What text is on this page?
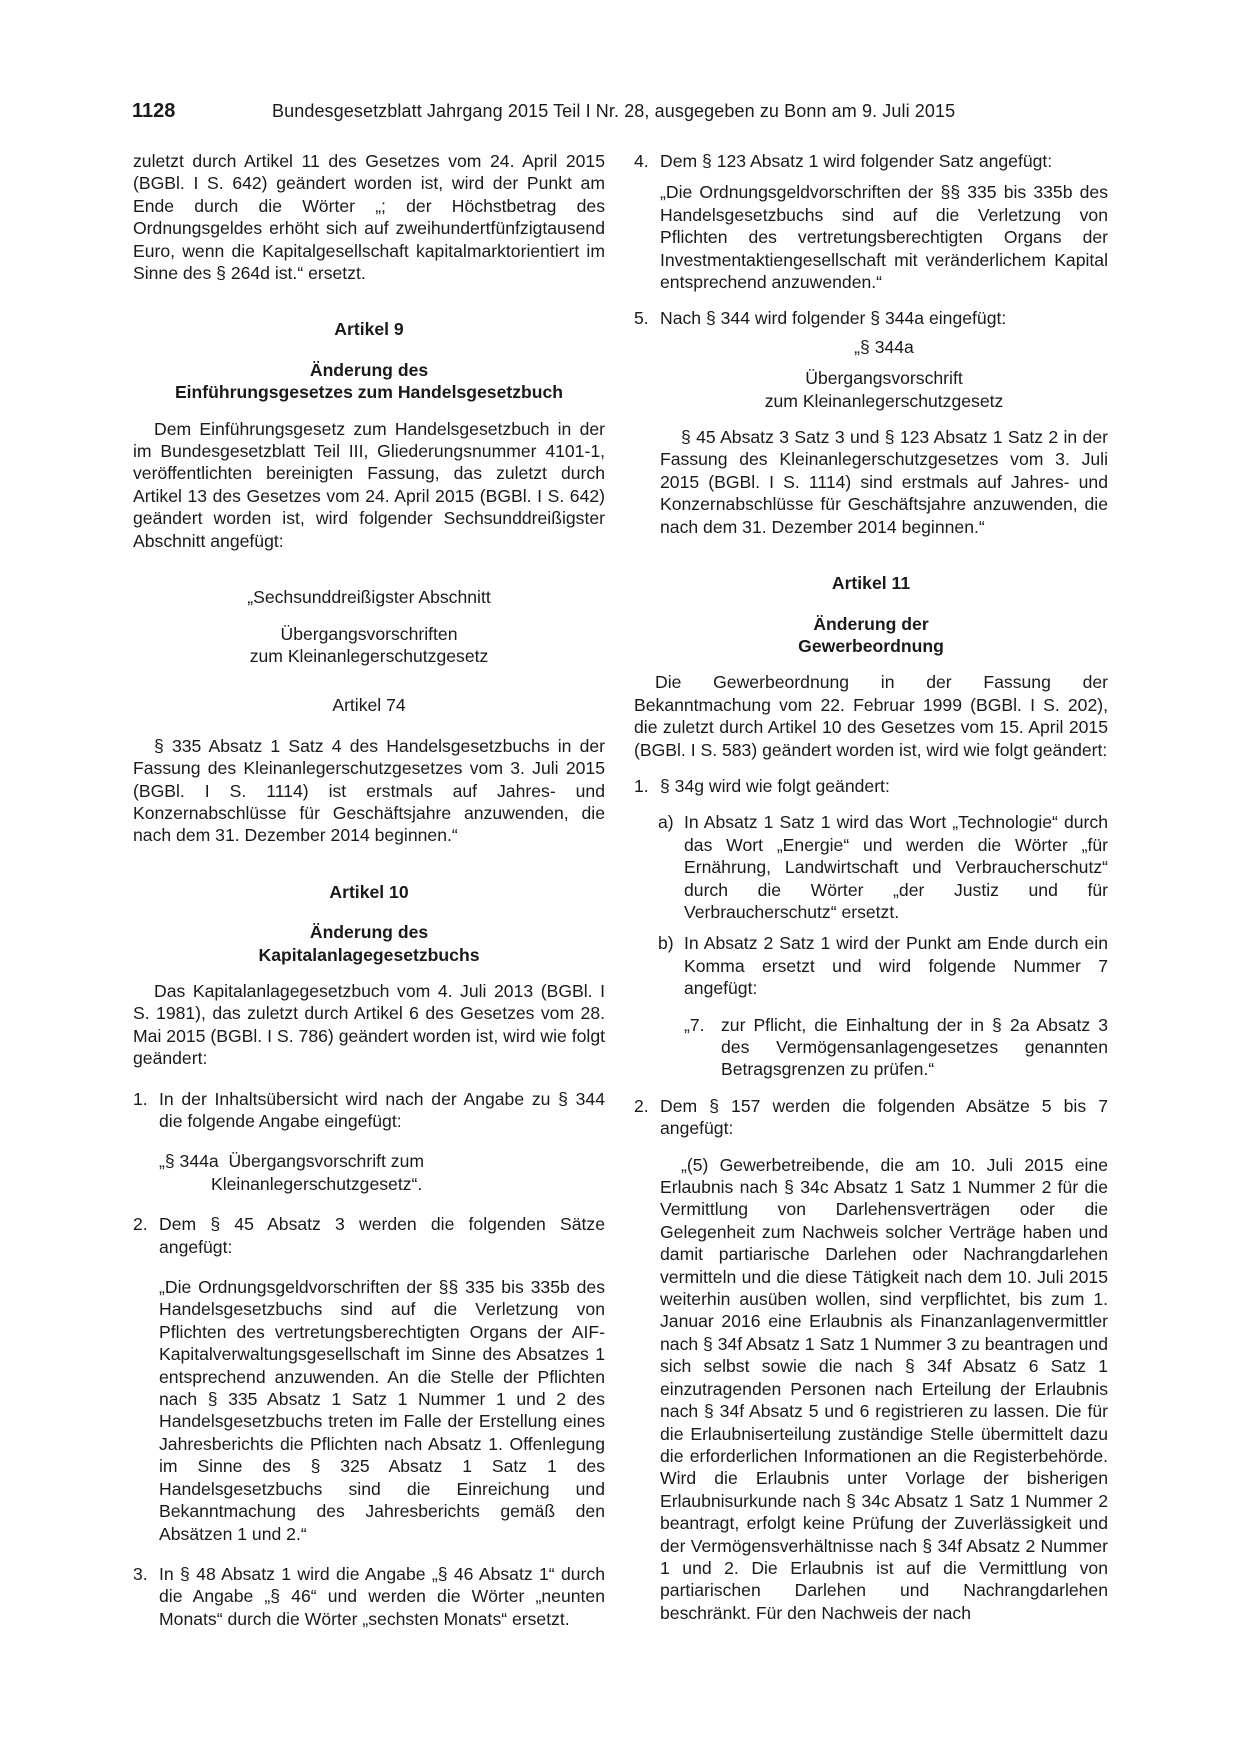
1128	Bundesgesetzblatt Jahrgang 2015 Teil I Nr. 28, ausgegeben zu Bonn am 9. Juli 2015

zuletzt durch Artikel 11 des Gesetzes vom 24. April 2015 (BGBl. I S. 642) geändert worden ist, wird der Punkt am Ende durch die Wörter „; der Höchstbetrag des Ordnungsgeldes erhöht sich auf zweihundertfünfzigtausend Euro, wenn die Kapitalgesellschaft kapitalmarktorientiert im Sinne des § 264d ist.“ ersetzt.

Artikel 9

Änderung des

Einführungsgesetzes zum Handelsgesetzbuch

Dem Einführungsgesetz zum Handelsgesetzbuch in der im Bundesgesetzblatt Teil III, Gliederungsnummer 4101-1, veröffentlichten bereinigten Fassung, das zuletzt durch Artikel 13 des Gesetzes vom 24. April 2015 (BGBl. I S. 642) geändert worden ist, wird folgender Sechsunddreißigster Abschnitt angefügt:

„Sechsunddreißigster Abschnitt

Übergangsvorschriften

zum Kleinanlegerschutzgesetz

Artikel 74

§ 335 Absatz 1 Satz 4 des Handelsgesetzbuchs in der Fassung des Kleinanlegerschutzgesetzes vom 3. Juli 2015 (BGBl. I S. 1114) ist erstmals auf Jahres- und Konzernabschlüsse für Geschäftsjahre anzuwenden, die nach dem 31. Dezember 2014 beginnen.“

Artikel 10

Änderung des

Kapitalanlagegesetzbuchs

Das Kapitalanlagegesetzbuch vom 4. Juli 2013 (BGBl. I S. 1981), das zuletzt durch Artikel 6 des Gesetzes vom 28. Mai 2015 (BGBl. I S. 786) geändert worden ist, wird wie folgt geändert:

1. In der Inhaltsübersicht wird nach der Angabe zu § 344 die folgende Angabe eingefügt:
„§ 344a Übergangsvorschrift zum Kleinanlegerschutzgesetz“.
2. Dem § 45 Absatz 3 werden die folgenden Sätze angefügt:

„Die Ordnungsgeldvorschriften der §§ 335 bis 335b des Handelsgesetzbuchs sind auf die Verletzung von Pflichten des vertretungsberechtigten Organs der AIF-Kapitalverwaltungsgesellschaft im Sinne des Absatzes 1 entsprechend anzuwenden. An die Stelle der Pflichten nach § 335 Absatz 1 Satz 1 Nummer 1 und 2 des Handelsgesetzbuchs treten im Falle der Erstellung eines Jahresberichts die Pflichten nach Absatz 1. Offenlegung im Sinne des § 325 Absatz 1 Satz 1 des Handelsgesetzbuchs sind die Einreichung und Bekanntmachung des Jahresberichts gemäß den Absätzen 1 und 2.“

3. In § 48 Absatz 1 wird die Angabe „§ 46 Absatz 1“ durch die Angabe „§ 46“ und werden die Wörter „neunten Monats“ durch die Wörter „sechsten Monats“ ersetzt.
4. Dem § 123 Absatz 1 wird folgender Satz angefügt:

„Die Ordnungsgeldvorschriften der §§ 335 bis 335b des Handelsgesetzbuchs sind auf die Verletzung von Pflichten des vertretungsberechtigten Organs der Investmentaktiengesellschaft mit veränderlichem Kapital entsprechend anzuwenden.“

5. Nach § 344 wird folgender § 344a eingefügt:

„§ 344a

Übergangsvorschrift

zum Kleinanlegerschutzgesetz

§ 45 Absatz 3 Satz 3 und § 123 Absatz 1 Satz 2 in der Fassung des Kleinanlegerschutzgesetzes vom 3. Juli 2015 (BGBl. I S. 1114) sind erstmals auf Jahres- und Konzernabschlüsse für Geschäftsjahre anzuwenden, die nach dem 31. Dezember 2014 beginnen.“

Artikel 11

Änderung der

Gewerbeordnung

Die Gewerbeordnung in der Fassung der Bekanntmachung vom 22. Februar 1999 (BGBl. I S. 202), die zuletzt durch Artikel 10 des Gesetzes vom 15. April 2015 (BGBl. I S. 583) geändert worden ist, wird wie folgt geändert:

1. § 34g wird wie folgt geändert:
a) In Absatz 1 Satz 1 wird das Wort „Technologie“ durch das Wort „Energie“ und werden die Wörter „für Ernährung, Landwirtschaft und Verbraucherschutz“ durch die Wörter „der Justiz und für Verbraucherschutz“ ersetzt.
b) In Absatz 2 Satz 1 wird der Punkt am Ende durch ein Komma ersetzt und wird folgende Nummer 7 angefügt:
„7. zur Pflicht, die Einhaltung der in § 2a Absatz 3 des Vermögensanlagengesetzes genannten Betragsgrenzen zu prüfen.“
2. Dem § 157 werden die folgenden Absätze 5 bis 7 angefügt:

„(5) Gewerbetreibende, die am 10. Juli 2015 eine Erlaubnis nach § 34c Absatz 1 Satz 1 Nummer 2 für die Vermittlung von Darlehensverträgen oder die Gelegenheit zum Nachweis solcher Verträge haben und damit partiarische Darlehen oder Nachrangdarlehen vermitteln und die diese Tätigkeit nach dem 10. Juli 2015 weiterhin ausüben wollen, sind verpflichtet, bis zum 1. Januar 2016 eine Erlaubnis als Finanzanlagenvermittler nach § 34f Absatz 1 Satz 1 Nummer 3 zu beantragen und sich selbst sowie die nach § 34f Absatz 6 Satz 1 einzutragenden Personen nach Erteilung der Erlaubnis nach § 34f Absatz 5 und 6 registrieren zu lassen. Die für die Erlaubniserteilung zuständige Stelle übermittelt dazu die erforderlichen Informationen an die Registerbehörde. Wird die Erlaubnis unter Vorlage der bisherigen Erlaubnisurkunde nach § 34c Absatz 1 Satz 1 Nummer 2 beantragt, erfolgt keine Prüfung der Zuverlässigkeit und der Vermögensverhältnisse nach § 34f Absatz 2 Nummer 1 und 2. Die Erlaubnis ist auf die Vermittlung von partiarischen Darlehen und Nachrangdarlehen beschränkt. Für den Nachweis der nach
